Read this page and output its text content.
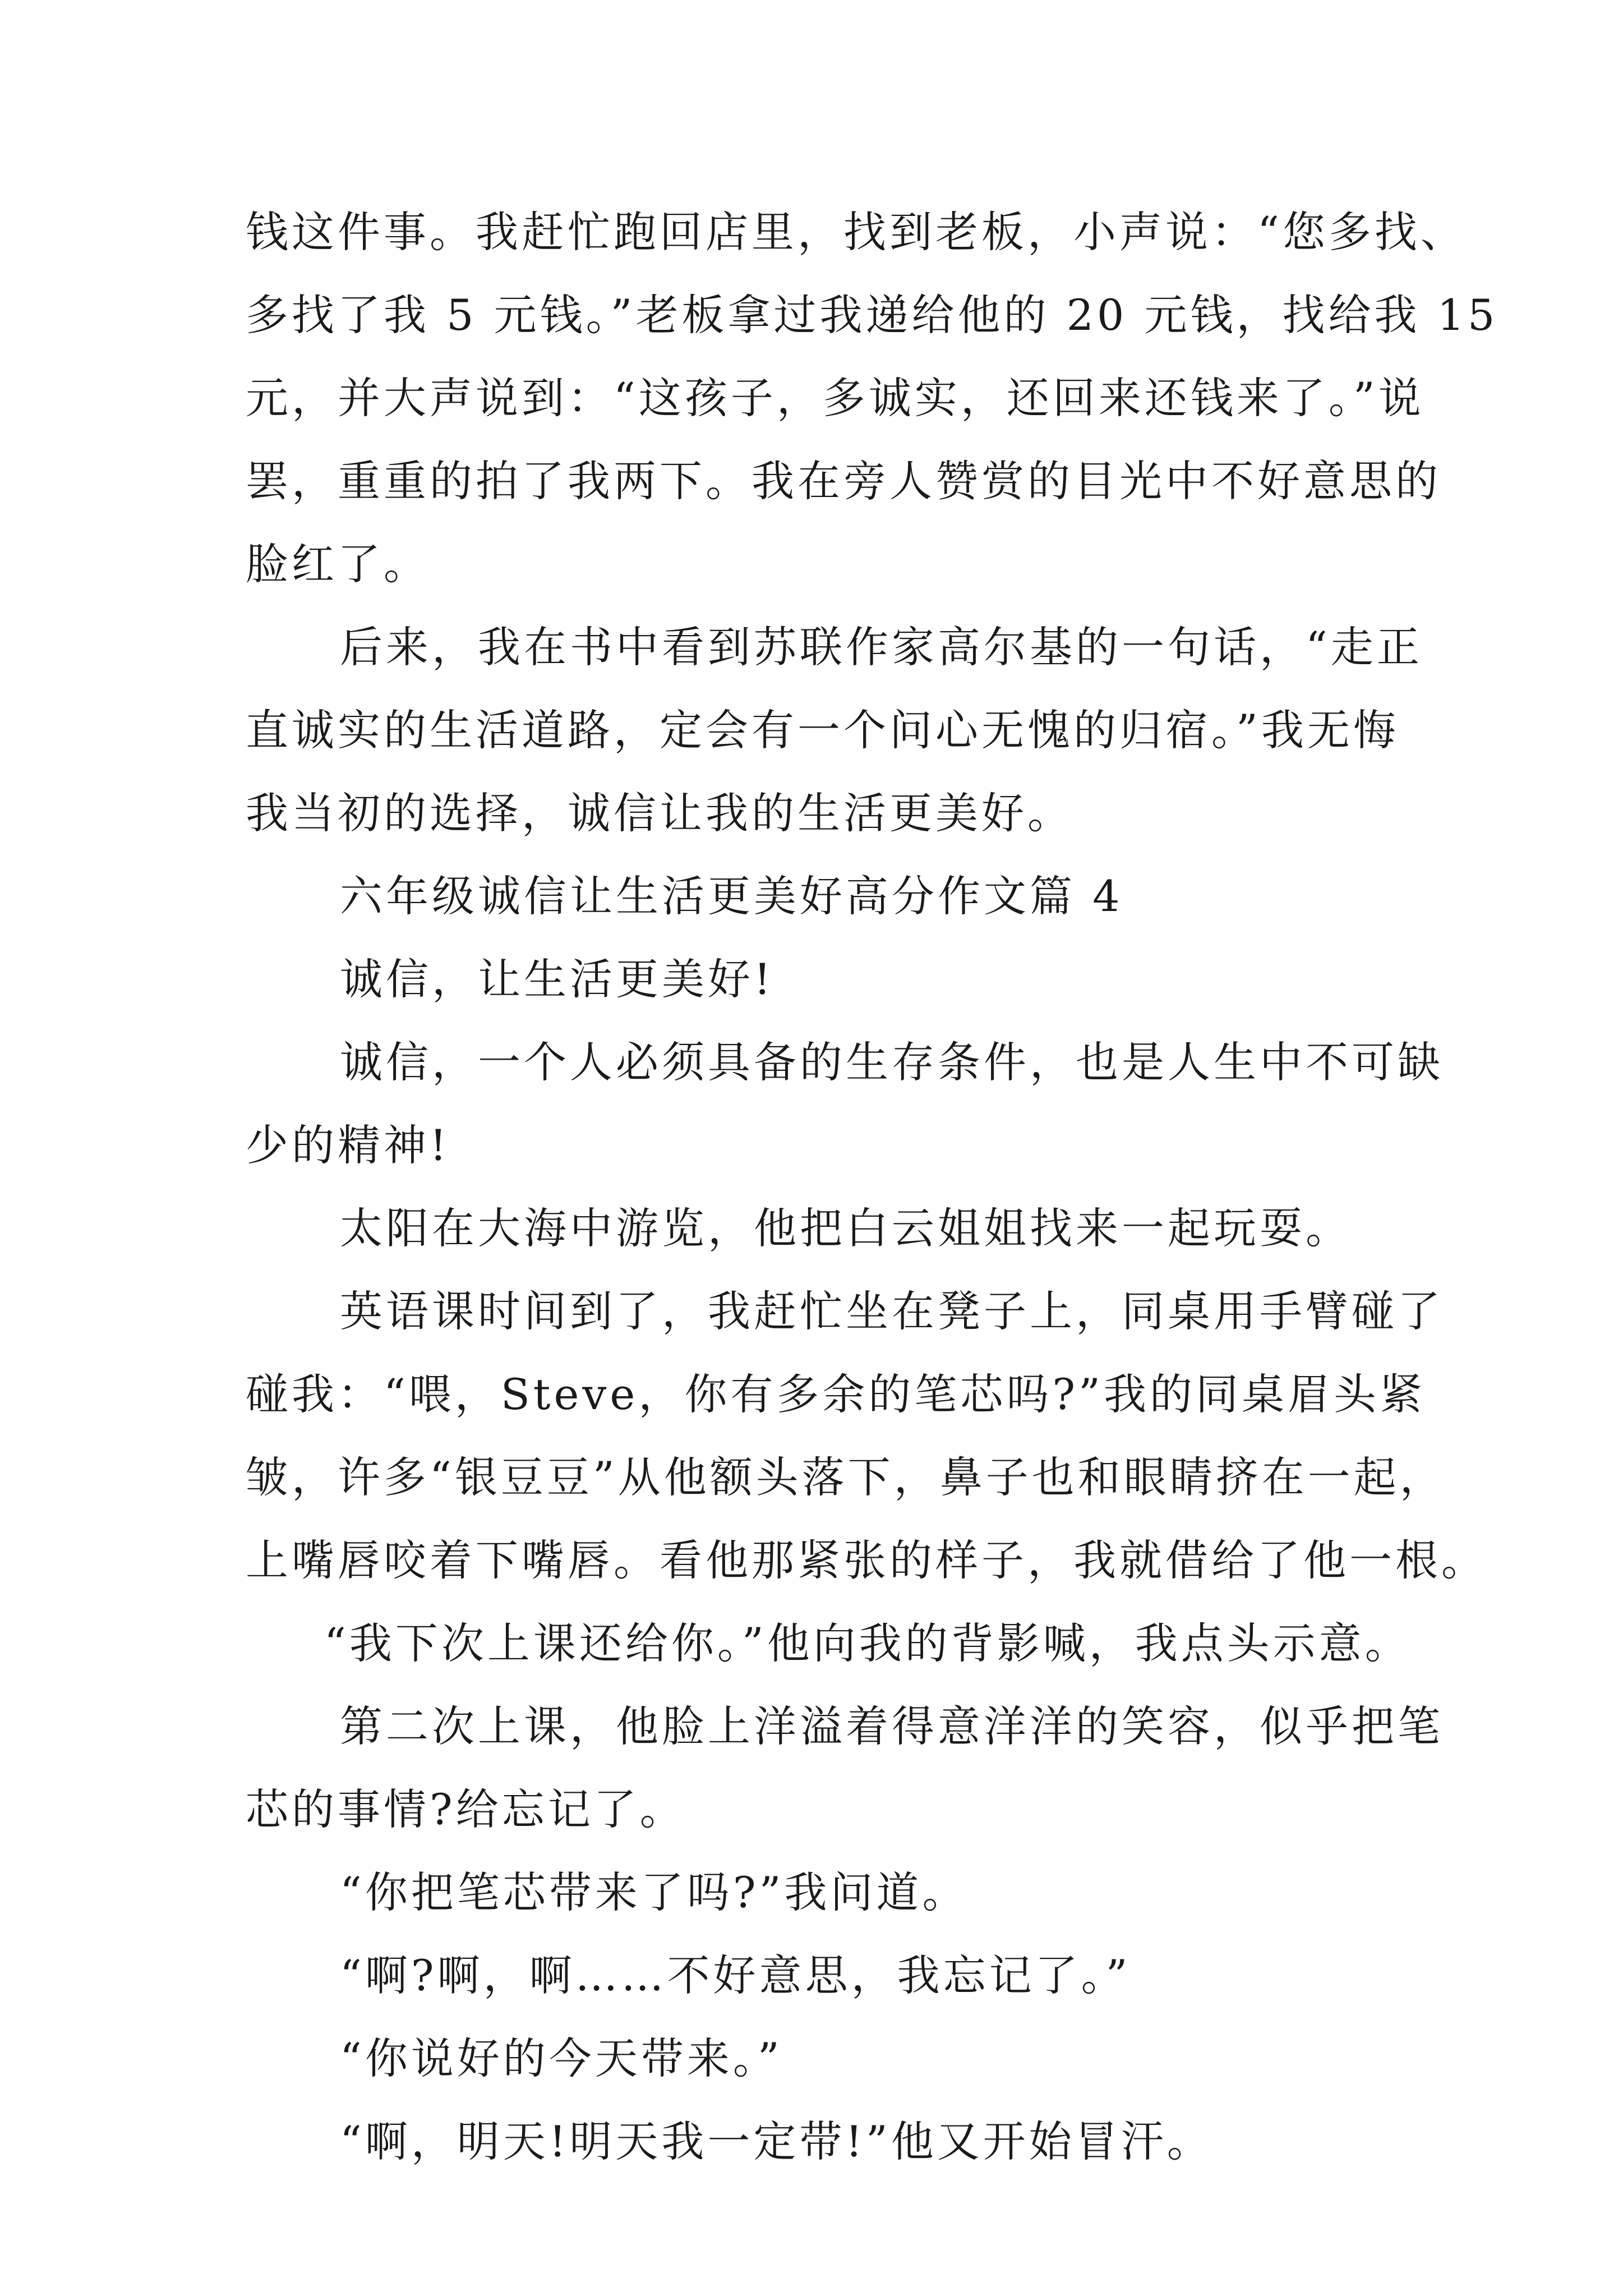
钱这件事。我赶忙跑回店里，找到老板，小声说：“您多找、
多找了我 5 元钱。”老板拿过我递给他的 20 元钱，找给我 15
元，并大声说到：“这孩子，多诚实，还回来还钱来了。”说
罢，重重的拍了我两下。我在旁人赞赏的目光中不好意思的
脸红了。
后来，我在书中看到苏联作家高尔基的一句话，“走正
直诚实的生活道路，定会有一个问心无愧的归宿。”我无悔
我当初的选择，诚信让我的生活更美好。
六年级诚信让生活更美好高分作文篇 4
诚信，让生活更美好!
诚信，一个人必须具备的生存条件，也是人生中不可缺
少的精神!
太阳在大海中游览，他把白云姐姐找来一起玩耍。
英语课时间到了，我赶忙坐在凳子上，同桌用手臂碰了
碰我：“喂，Steve，你有多余的笔芯吗?”我的同桌眉头紧
皱，许多“银豆豆”从他额头落下，鼻子也和眼睛挤在一起，
上嘴唇咬着下嘴唇。看他那紧张的样子，我就借给了他一根。
“我下次上课还给你。”他向我的背影喊，我点头示意。
第二次上课，他脸上洋溢着得意洋洋的笑容，似乎把笔
芯的事情?给忘记了。
“你把笔芯带来了吗?”我问道。
“啊?啊，啊……不好意思，我忘记了。”
“你说好的今天带来。”
“啊，明天!明天我一定带!”他又开始冒汗。
